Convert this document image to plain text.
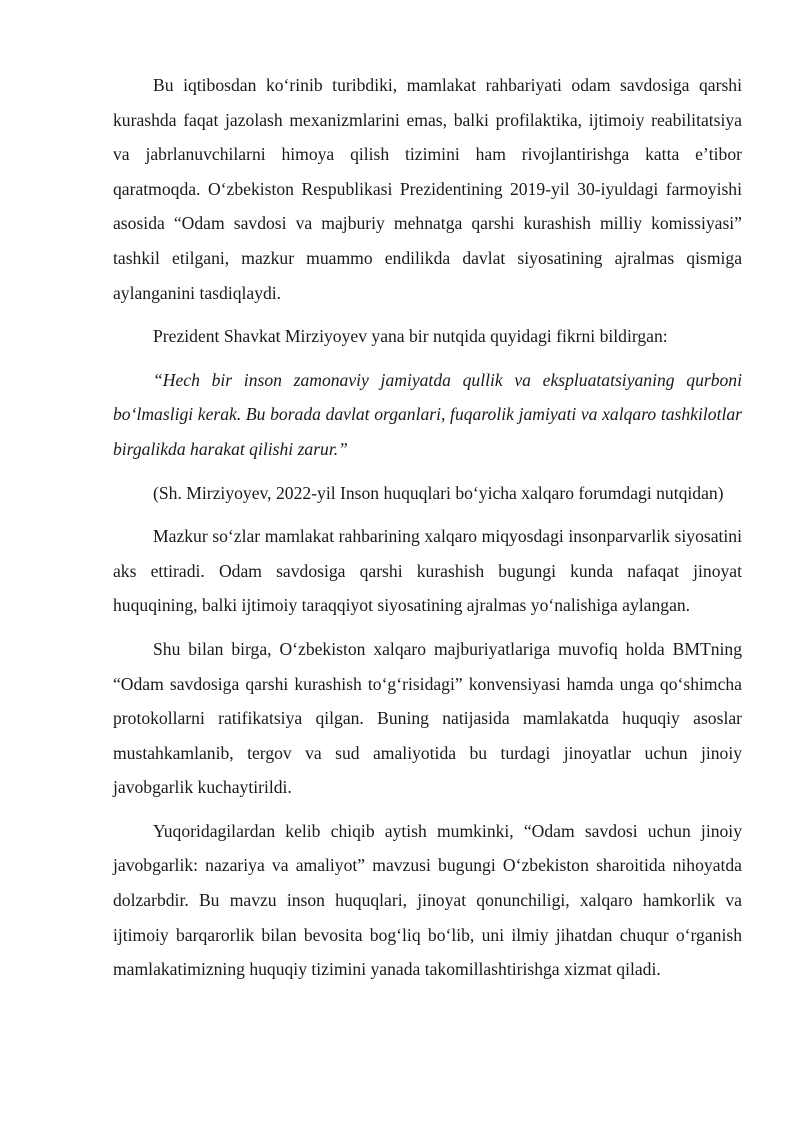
Bu iqtibosdan koʻrinib turibdiki, mamlakat rahbariyati odam savdosiga qarshi kurashda faqat jazolash mexanizmlarini emas, balki profilaktika, ijtimoiy reabilitatsiya va jabrlanuvchilarni himoya qilish tizimini ham rivojlantirishga katta eʼtibor qaratmoqda. Oʻzbekiston Respublikasi Prezidentining 2019-yil 30-iyuldagi farmoyishi asosida “Odam savdosi va majburiy mehnatga qarshi kurashish milliy komissiyasi” tashkil etilgani, mazkur muammo endilikda davlat siyosatining ajralmas qismiga aylanganini tasdiqlaydi.

Prezident Shavkat Mirziyoyev yana bir nutqida quyidagi fikrni bildirgan:

“Hech bir inson zamonaviy jamiyatda qullik va ekspluatatsiyaning qurboni boʻlmasligi kerak. Bu borada davlat organlari, fuqarolik jamiyati va xalqaro tashkilotlar birgalikda harakat qilishi zarur.”

(Sh. Mirziyoyev, 2022-yil Inson huquqlari boʻyicha xalqaro forumdagi nutqidan)

Mazkur soʻzlar mamlakat rahbarining xalqaro miqyosdagi insonparvarlik siyosatini aks ettiradi. Odam savdosiga qarshi kurashish bugungi kunda nafaqat jinoyat huquqining, balki ijtimoiy taraqqiyot siyosatining ajralmas yoʻnalishiga aylangan.

Shu bilan birga, Oʻzbekiston xalqaro majburiyatlariga muvofiq holda BMTning “Odam savdosiga qarshi kurashish toʻgʻrisidagi” konvensiyasi hamda unga qoʻshimcha protokollarni ratifikatsiya qilgan. Buning natijasida mamlakatda huquqiy asoslar mustahkamlanib, tergov va sud amaliyotida bu turdagi jinoyatlar uchun jinoiy javobgarlik kuchaytirildi.

Yuqoridagilardan kelib chiqib aytish mumkinki, “Odam savdosi uchun jinoiy javobgarlik: nazariya va amaliyot” mavzusi bugungi Oʻzbekiston sharoitida nihoyatda dolzarbdir. Bu mavzu inson huquqlari, jinoyat qonunchiligi, xalqaro hamkorlik va ijtimoiy barqarorlik bilan bevosita bogʻliq boʻlib, uni ilmiy jihatdan chuqur oʻrganish mamlakatimizning huquqiy tizimini yanada takomillashtirishga xizmat qiladi.
